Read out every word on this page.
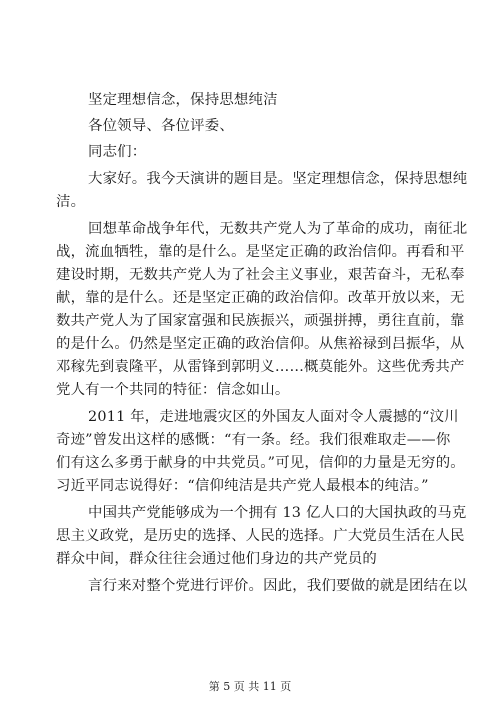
坚定理想信念，保持思想纯洁
各位领导、各位评委、
同志们：
大家好。我今天演讲的题目是。坚定理想信念，保持思想纯
洁。
回想革命战争年代，无数共产党人为了革命的成功，南征北
战，流血牺牲，靠的是什么。是坚定正确的政治信仰。再看和平
建设时期，无数共产党人为了社会主义事业，艰苦奋斗，无私奉
献，靠的是什么。还是坚定正确的政治信仰。改革开放以来，无
数共产党人为了国家富强和民族振兴，顽强拼搏，勇往直前，靠
的是什么。仍然是坚定正确的政治信仰。从焦裕禄到吕振华，从
邓稼先到袁隆平，从雷锋到郭明义……概莫能外。这些优秀共产
党人有一个共同的特征：信念如山。
2011 年，走进地震灾区的外国友人面对令人震撼的“汶川
奇迹”曾发出这样的感慨：“有一条。经。我们很难取走——你
们有这么多勇于献身的中共党员。”可见，信仰的力量是无穷的。
习近平同志说得好：“信仰纯洁是共产党人最根本的纯洁。”
中国共产党能够成为一个拥有 13 亿人口的大国执政的马克
思主义政党，是历史的选择、人民的选择。广大党员生活在人民
群众中间，群众往往会通过他们身边的共产党员的
言行来对整个党进行评价。因此，我们要做的就是团结在以
第 5 页 共 11 页
